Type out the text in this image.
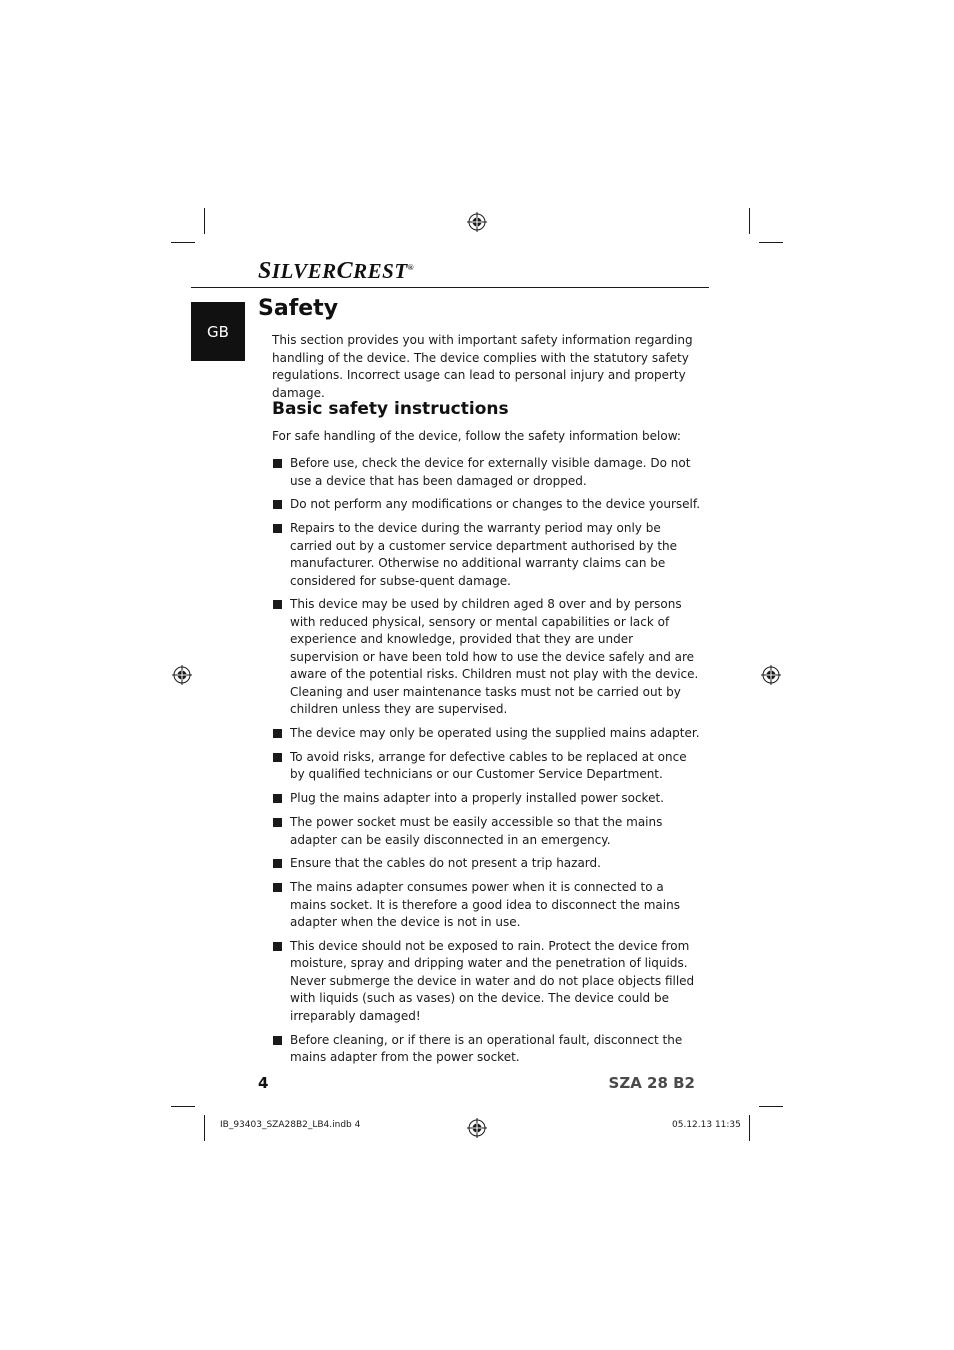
SILVERCREST®
GB
Safety
This section provides you with important safety information regarding handling of the device. The device complies with the statutory safety regulations. Incorrect usage can lead to personal injury and property damage.
Basic safety instructions
For safe handling of the device, follow the safety information below:
Before use, check the device for externally visible damage. Do not use a device that has been damaged or dropped.
Do not perform any modifications or changes to the device yourself.
Repairs to the device during the warranty period may only be carried out by a customer service department authorised by the manufacturer. Otherwise no additional warranty claims can be considered for subse-quent damage.
This device may be used by children aged 8 over and by persons with reduced physical, sensory or mental capabilities or lack of experience and knowledge, provided that they are under supervision or have been told how to use the device safely and are aware of the potential risks. Children must not play with the device. Cleaning and user maintenance tasks must not be carried out by children unless they are supervised.
The device may only be operated using the supplied mains adapter.
To avoid risks, arrange for defective cables to be replaced at once by qualified technicians or our Customer Service Department.
Plug the mains adapter into a properly installed power socket.
The power socket must be easily accessible so that the mains adapter can be easily disconnected in an emergency.
Ensure that the cables do not present a trip hazard.
The mains adapter consumes power when it is connected to a mains socket. It is therefore a good idea to disconnect the mains adapter when the device is not in use.
This device should not be exposed to rain. Protect the device from moisture, spray and dripping water and the penetration of liquids. Never submerge the device in water and do not place objects filled with liquids (such as vases) on the device. The device could be irreparably damaged!
Before cleaning, or if there is an operational fault, disconnect the mains adapter from the power socket.
4	SZA 28 B2
IB_93403_SZA28B2_LB4.indb 4	05.12.13 11:35
